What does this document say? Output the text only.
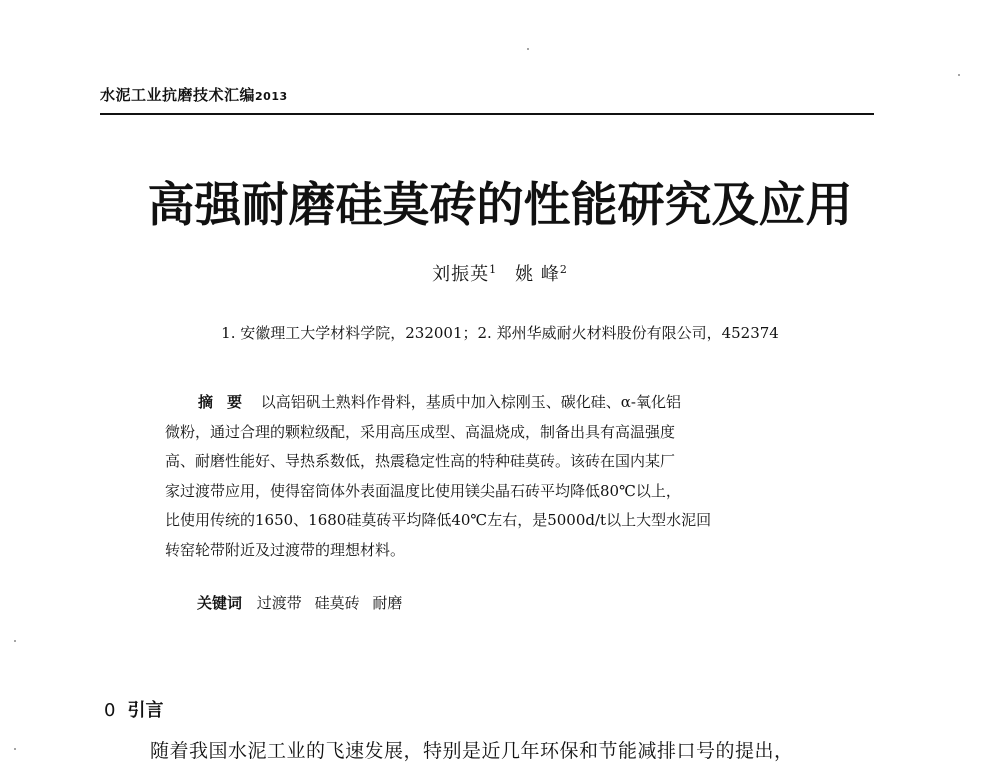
水泥工业抗磨技术汇编2013
高强耐磨硅莫砖的性能研究及应用
刘振英$^1$ 姚 峰$^2$
1. 安徽理工大学材料学院，232001；2. 郑州华威耐火材料股份有限公司，452374
摘要 以高铝矾土熟料作骨料，基质中加入棕刚玉、碳化硅、α-氧化铝
微粉，通过合理的颗粒级配，采用高压成型、高温烧成，制备出具有高温强度
高、耐磨性能好、导热系数低，热震稳定性高的特种硅莫砖。该砖在国内某厂
家过渡带应用，使得窑筒体外表面温度比使用镁尖晶石砖平均降低80℃以上，
比使用传统的1650、1680硅莫砖平均降低40℃左右，是5000d/t以上大型水泥回
转窑轮带附近及过渡带的理想材料。
关键词 过渡带 硅莫砖 耐磨
0 引言
随着我国水泥工业的飞速发展，特别是近几年环保和节能减排口号的提出，
